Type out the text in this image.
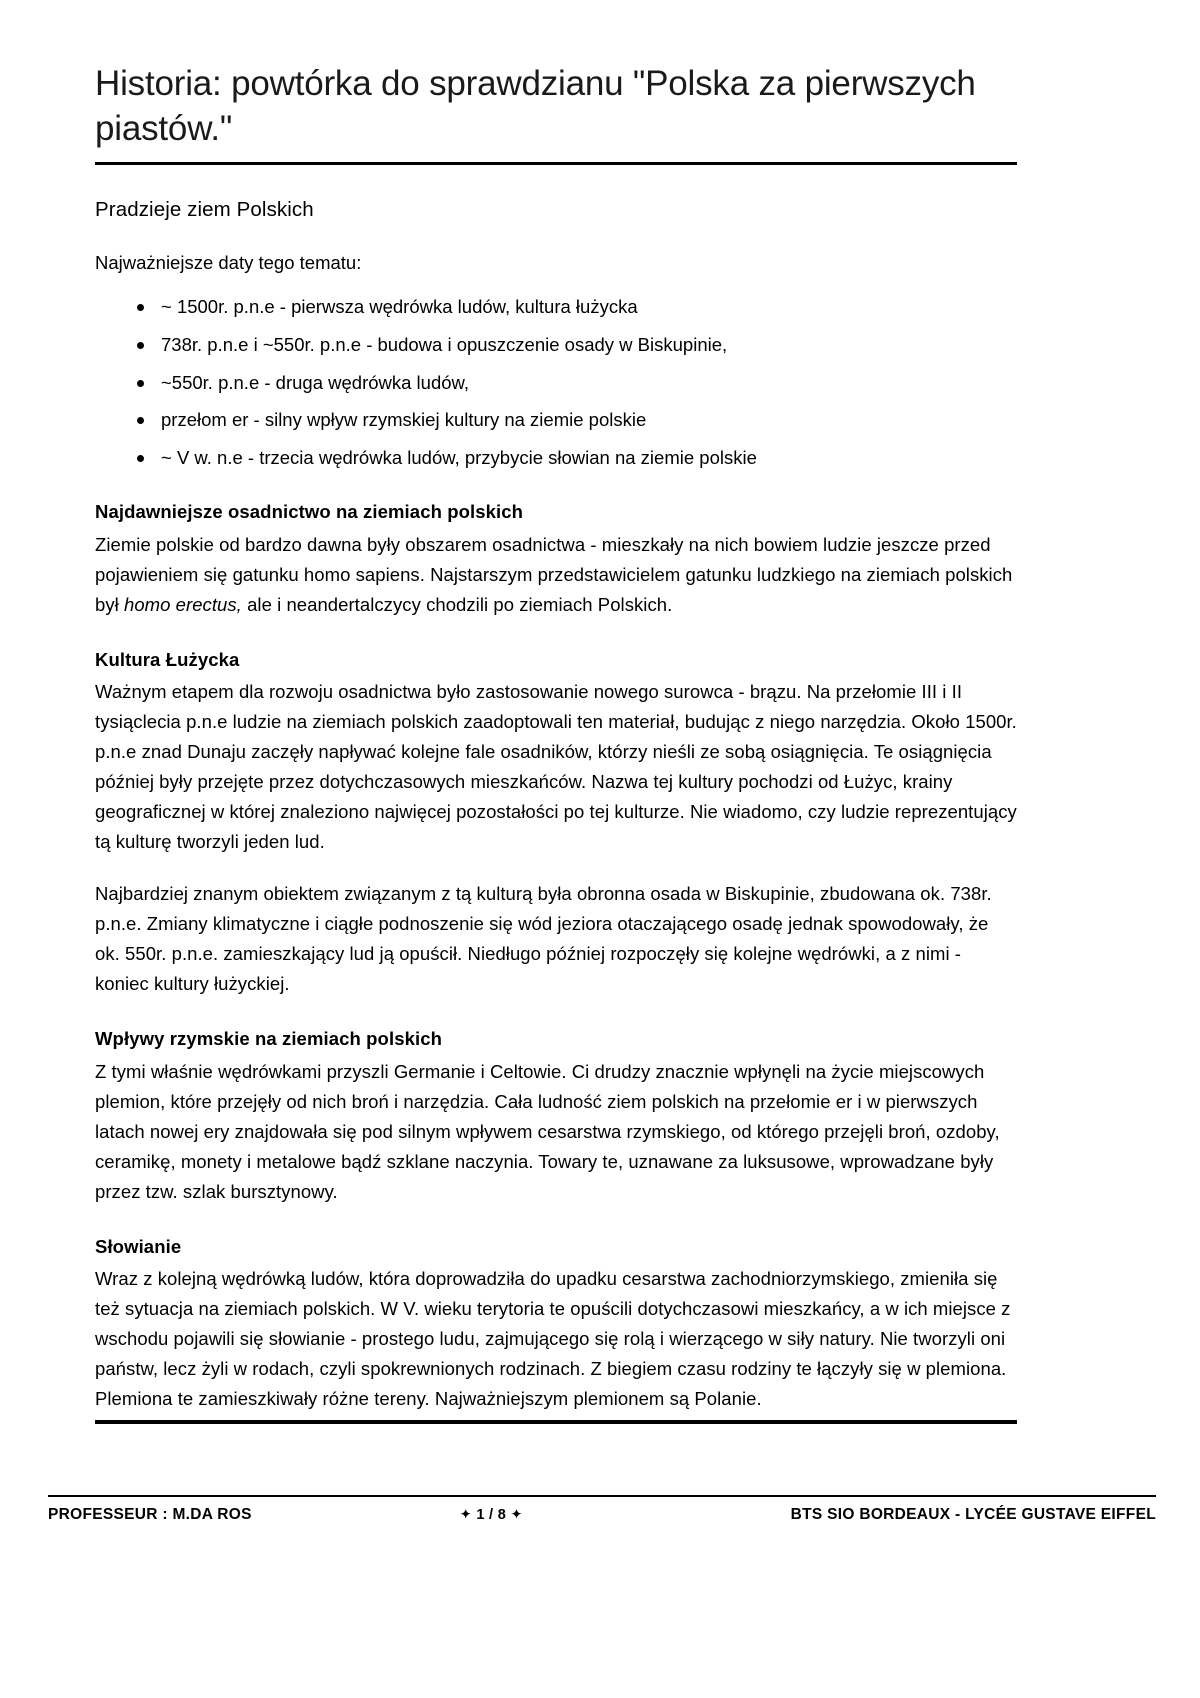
Historia: powtórka do sprawdzianu "Polska za pierwszych piastów."

Pradzieje ziem Polskich

Najważniejsze daty tego tematu:

~ 1500r. p.n.e - pierwsza wędrówka ludów, kultura łużycka
738r. p.n.e i ~550r. p.n.e - budowa i opuszczenie osady w Biskupinie,
~550r. p.n.e - druga wędrówka ludów,
przełom er - silny wpływ rzymskiej kultury na ziemie polskie
~ V w. n.e - trzecia wędrówka ludów, przybycie słowian na ziemie polskie
Najdawniejsze osadnictwo na ziemiach polskich

Ziemie polskie od bardzo dawna były obszarem osadnictwa - mieszkały na nich bowiem ludzie jeszcze przed pojawieniem się gatunku homo sapiens. Najstarszym przedstawicielem gatunku ludzkiego na ziemiach polskich był homo erectus, ale i neandertalczycy chodzili po ziemiach Polskich.

Kultura Łużycka

Ważnym etapem dla rozwoju osadnictwa było zastosowanie nowego surowca - brązu. Na przełomie III i II tysiąclecia p.n.e ludzie na ziemiach polskich zaadoptowali ten materiał, budując z niego narzędzia. Około 1500r. p.n.e znad Dunaju zaczęły napływać kolejne fale osadników, którzy nieśli ze sobą osiągnięcia. Te osiągnięcia później były przejęte przez dotychczasowych mieszkańców. Nazwa tej kultury pochodzi od Łużyc, krainy geograficznej w której znaleziono najwięcej pozostałości po tej kulturze. Nie wiadomo, czy ludzie reprezentujący tą kulturę tworzyli jeden lud.

Najbardziej znanym obiektem związanym z tą kulturą była obronna osada w Biskupinie, zbudowana ok. 738r. p.n.e. Zmiany klimatyczne i ciągłe podnoszenie się wód jeziora otaczającego osadę jednak spowodowały, że ok. 550r. p.n.e. zamieszkający lud ją opuścił. Niedługo później rozpoczęły się kolejne wędrówki, a z nimi - koniec kultury łużyckiej.

Wpływy rzymskie na ziemiach polskich

Z tymi właśnie wędrówkami przyszli Germanie i Celtowie. Ci drudzy znacznie wpłynęli na życie miejscowych plemion, które przejęły od nich broń i narzędzia. Cała ludność ziem polskich na przełomie er i w pierwszych latach nowej ery znajdowała się pod silnym wpływem cesarstwa rzymskiego, od którego przejęli broń, ozdoby, ceramikę, monety i metalowe bądź szklane naczynia. Towary te, uznawane za luksusowe, wprowadzane były przez tzw. szlak bursztynowy.

Słowianie

Wraz z kolejną wędrówką ludów, która doprowadziła do upadku cesarstwa zachodniorzymskiego, zmieniła się też sytuacja na ziemiach polskich. W V. wieku terytoria te opuścili dotychczasowi mieszkańcy, a w ich miejsce z wschodu pojawili się słowianie - prostego ludu, zajmującego się rolą i wierzącego w siły natury. Nie tworzyli oni państw, lecz żyli w rodach, czyli spokrewnionych rodzinach. Z biegiem czasu rodziny te łączyły się w plemiona. Plemiona te zamieszkiwały różne tereny. Najważniejszym plemionem są Polanie.

PROFESSEUR : M.DA ROS	✦ 1 / 8 ✦	BTS SIO BORDEAUX - LYCÉE GUSTAVE EIFFEL
